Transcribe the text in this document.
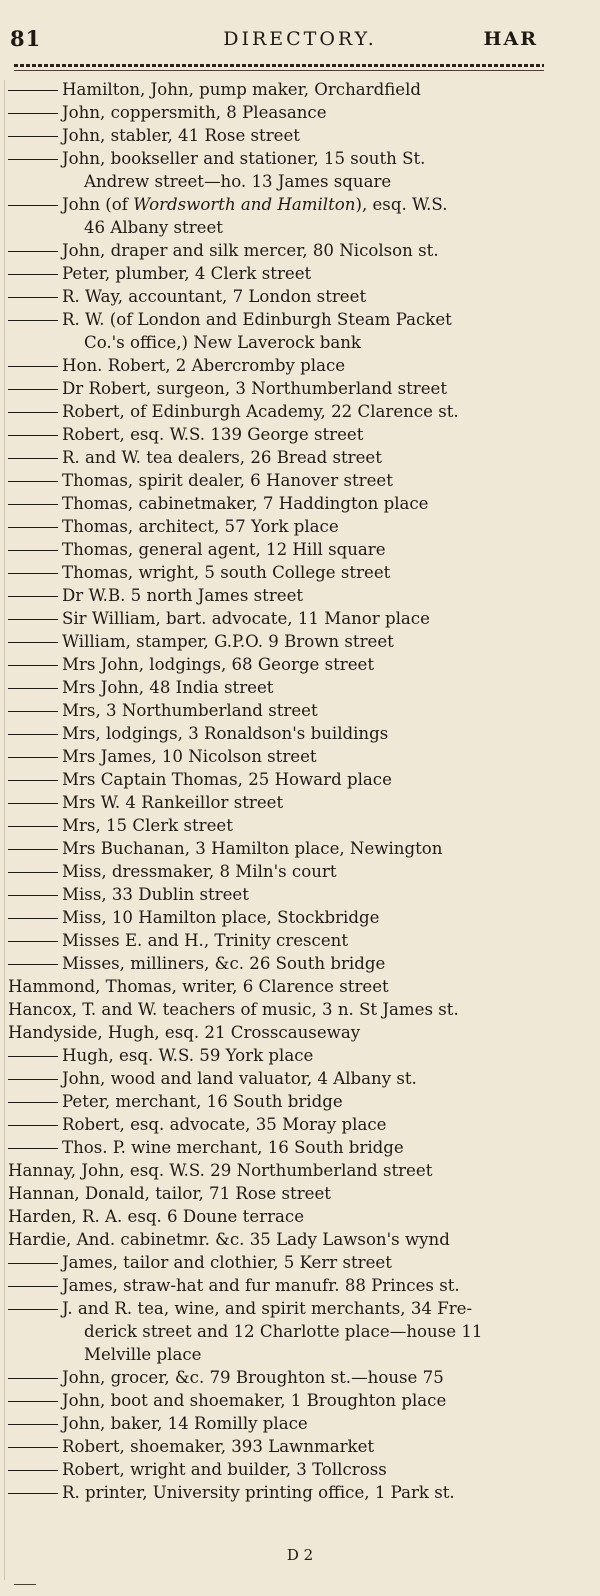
81	DIRECTORY.	HAR
Hamilton, John, pump maker, Orchardfield
John, coppersmith, 8 Pleasance
John, stabler, 41 Rose street
John, bookseller and stationer, 15 south St.
Andrew street—ho. 13 James square
John (of Wordsworth and Hamilton), esq. W.S.
46 Albany street
John, draper and silk mercer, 80 Nicolson st.
Peter, plumber, 4 Clerk street
R. Way, accountant, 7 London street
R. W. (of London and Edinburgh Steam Packet
Co.'s office,) New Laverock bank
Hon. Robert, 2 Abercromby place
Dr Robert, surgeon, 3 Northumberland street
Robert, of Edinburgh Academy, 22 Clarence st.
Robert, esq. W.S. 139 George street
R. and W. tea dealers, 26 Bread street
Thomas, spirit dealer, 6 Hanover street
Thomas, cabinetmaker, 7 Haddington place
Thomas, architect, 57 York place
Thomas, general agent, 12 Hill square
Thomas, wright, 5 south College street
Dr W.B. 5 north James street
Sir William, bart. advocate, 11 Manor place
William, stamper, G.P.O. 9 Brown street
Mrs John, lodgings, 68 George street
Mrs John, 48 India street
Mrs, 3 Northumberland street
Mrs, lodgings, 3 Ronaldson's buildings
Mrs James, 10 Nicolson street
Mrs Captain Thomas, 25 Howard place
Mrs W. 4 Rankeillor street
Mrs, 15 Clerk street
Mrs Buchanan, 3 Hamilton place, Newington
Miss, dressmaker, 8 Miln's court
Miss, 33 Dublin street
Miss, 10 Hamilton place, Stockbridge
Misses E. and H., Trinity crescent
Misses, milliners, &c. 26 South bridge
Hammond, Thomas, writer, 6 Clarence street
Hancox, T. and W. teachers of music, 3 n. St James st.
Handyside, Hugh, esq. 21 Crosscauseway
Hugh, esq. W.S. 59 York place
John, wood and land valuator, 4 Albany st.
Peter, merchant, 16 South bridge
Robert, esq. advocate, 35 Moray place
Thos. P. wine merchant, 16 South bridge
Hannay, John, esq. W.S. 29 Northumberland street
Hannan, Donald, tailor, 71 Rose street
Harden, R. A. esq. 6 Doune terrace
Hardie, And. cabinetmr. &c. 35 Lady Lawson's wynd
James, tailor and clothier, 5 Kerr street
James, straw-hat and fur manufr. 88 Princes st.
J. and R. tea, wine, and spirit merchants, 34 Fre-
derick street and 12 Charlotte place—house 11
Melville place
John, grocer, &c. 79 Broughton st.—house 75
John, boot and shoemaker, 1 Broughton place
John, baker, 14 Romilly place
Robert, shoemaker, 393 Lawnmarket
Robert, wright and builder, 3 Tollcross
R. printer, University printing office, 1 Park st.
D 2
